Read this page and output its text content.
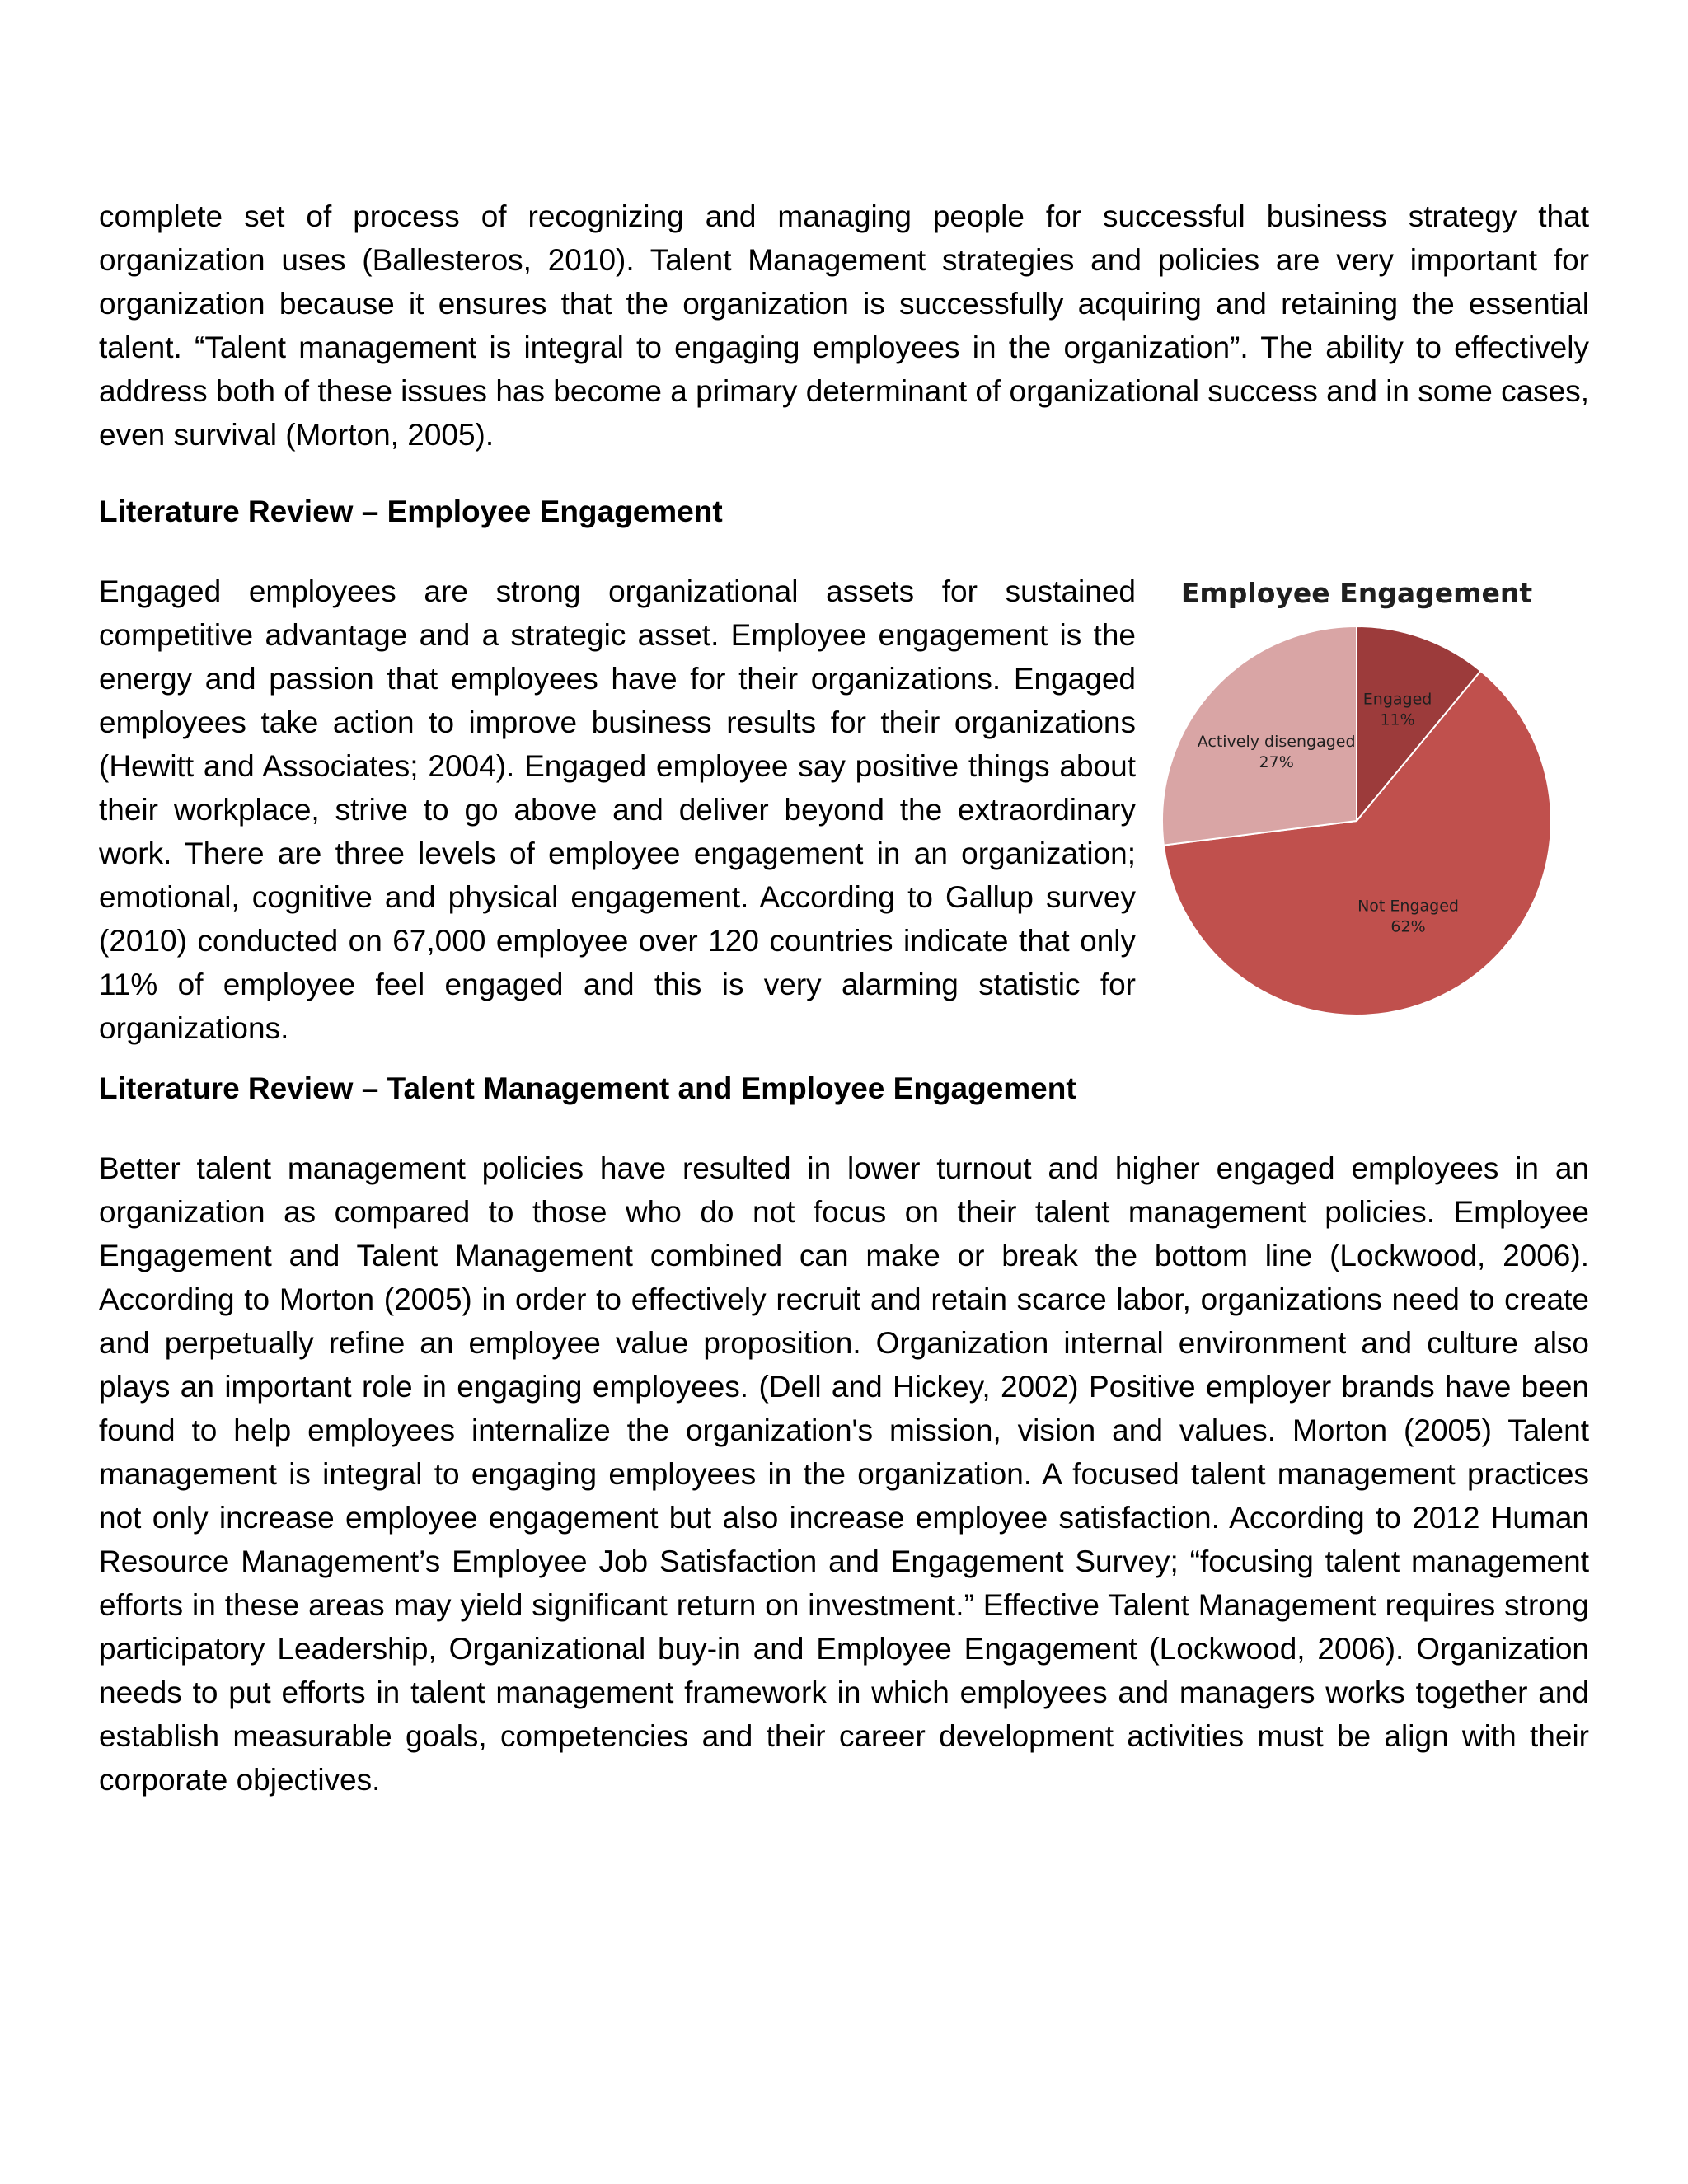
complete set of process of recognizing and managing people for successful business strategy that organization uses (Ballesteros, 2010). Talent Management strategies and policies are very important for organization because it ensures that the organization is successfully acquiring and retaining the essential talent. “Talent management is integral to engaging employees in the organization”. The ability to effectively address both of these issues has become a primary determinant of organizational success and in some cases, even survival (Morton, 2005).

Literature Review – Employee Engagement

Engaged employees are strong organizational assets for sustained competitive advantage and a strategic asset. Employee engagement is the energy and passion that employees have for their organizations. Engaged employees take action to improve business results for their organizations (Hewitt and Associates; 2004). Engaged employee say positive things about their workplace, strive to go above and deliver beyond the extraordinary work. There are three levels of employee engagement in an organization; emotional, cognitive and physical engagement. According to Gallup survey (2010) conducted on 67,000 employee over 120 countries indicate that only 11% of employee feel engaged and this is very alarming statistic for organizations.

Employee Engagement
Engaged
11%
Not Engaged
62%
Actively disengaged
27%

Literature Review – Talent Management and Employee Engagement

Better talent management policies have resulted in lower turnout and higher engaged employees in an organization as compared to those who do not focus on their talent management policies. Employee Engagement and Talent Management combined can make or break the bottom line (Lockwood, 2006). According to Morton (2005) in order to effectively recruit and retain scarce labor, organizations need to create and perpetually refine an employee value proposition. Organization internal environment and culture also plays an important role in engaging employees. (Dell and Hickey, 2002) Positive employer brands have been found to help employees internalize the organization's mission, vision and values. Morton (2005) Talent management is integral to engaging employees in the organization. A focused talent management practices not only increase employee engagement but also increase employee satisfaction. According to 2012 Human Resource Management’s Employee Job Satisfaction and Engagement Survey; “focusing talent management efforts in these areas may yield significant return on investment.” Effective Talent Management requires strong participatory Leadership, Organizational buy-in and Employee Engagement (Lockwood, 2006). Organization needs to put efforts in talent management framework in which employees and managers works together and establish measurable goals, competencies and their career development activities must be align with their corporate objectives.
